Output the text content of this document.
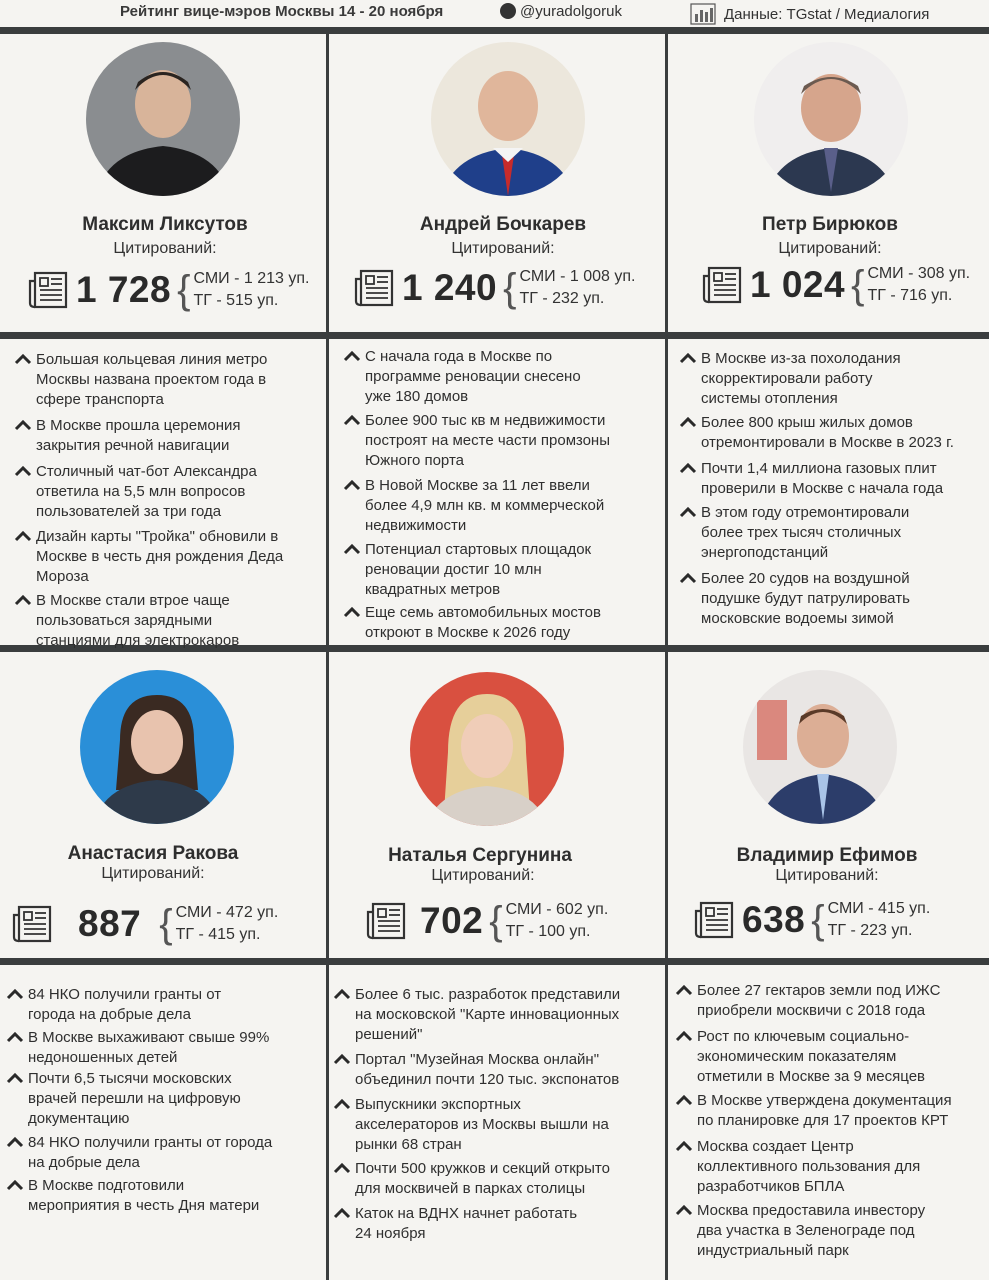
Рейтинг вице-мэров Москвы 14 - 20 ноября	@yuradolgoruk	Данные: TGstat / Медиалогия
Максим Ликсутов
Цитирований:
1 728 { СМИ - 1 213 уп.
ТГ - 515 уп.
Андрей Бочкарев
Цитирований:
1 240 { СМИ - 1 008 уп.
ТГ - 232 уп.
Петр Бирюков
Цитирований:
1 024 { СМИ - 308 уп.
ТГ - 716 уп.
Анастасия Ракова
Цитирований:
887 { СМИ - 472 уп.
ТГ - 415 уп.
Наталья Сергунина
Цитирований:
702 { СМИ - 602 уп.
ТГ - 100 уп.
Владимир Ефимов
Цитирований:
638 { СМИ - 415 уп.
ТГ - 223 уп.
Большая кольцевая линия метро
Москвы названа проектом года в
сфере транспорта
В Москве прошла церемония
закрытия речной навигации
Столичный чат-бот Александра
ответила на 5,5 млн вопросов
пользователей за три года
Дизайн карты "Тройка" обновили в
Москве в честь дня рождения Деда
Мороза
В Москве стали втрое чаще
пользоваться зарядными
станциями для электрокаров
С начала года в Москве по
программе реновации снесено
уже 180 домов
Более 900 тыс кв м недвижимости
построят на месте части промзоны
Южного порта
В Новой Москве за 11 лет ввели
более 4,9 млн кв. м коммерческой
недвижимости
Потенциал стартовых площадок
реновации достиг 10 млн
квадратных метров
Еще семь автомобильных мостов
откроют в Москве к 2026 году
В Москве из-за похолодания
скорректировали работу
системы отопления
Более 800 крыш жилых домов
отремонтировали в Москве в 2023 г.
Почти 1,4 миллиона газовых плит
проверили в Москве с начала года
В этом году отремонтировали
более трех тысяч столичных
энергоподстанций
Более 20 судов на воздушной
подушке будут патрулировать
московские водоемы зимой
84 НКО получили гранты от
города на добрые дела
В Москве выхаживают свыше 99%
недоношенных детей
Почти 6,5 тысячи московских
врачей перешли на цифровую
документацию
84 НКО получили гранты от города
на добрые дела
В Москве подготовили
мероприятия в честь Дня матери
Более 6 тыс. разработок представили
на московской "Карте инновационных
решений"
Портал "Музейная Москва онлайн"
объединил почти 120 тыс. экспонатов
Выпускники экспортных
акселераторов из Москвы вышли на
рынки 68 стран
Почти 500 кружков и секций открыто
для москвичей в парках столицы
Каток на ВДНХ начнет работать
24 ноября
Более 27 гектаров земли под ИЖС
приобрели москвичи с 2018 года
Рост по ключевым социально-
экономическим показателям
отметили в Москве за 9 месяцев
В Москве утверждена документация
по планировке для 17 проектов КРТ
Москва создает Центр
коллективного пользования для
разработчиков БПЛА
Москва предоставила инвестору
два участка в Зеленограде под
индустриальный парк
